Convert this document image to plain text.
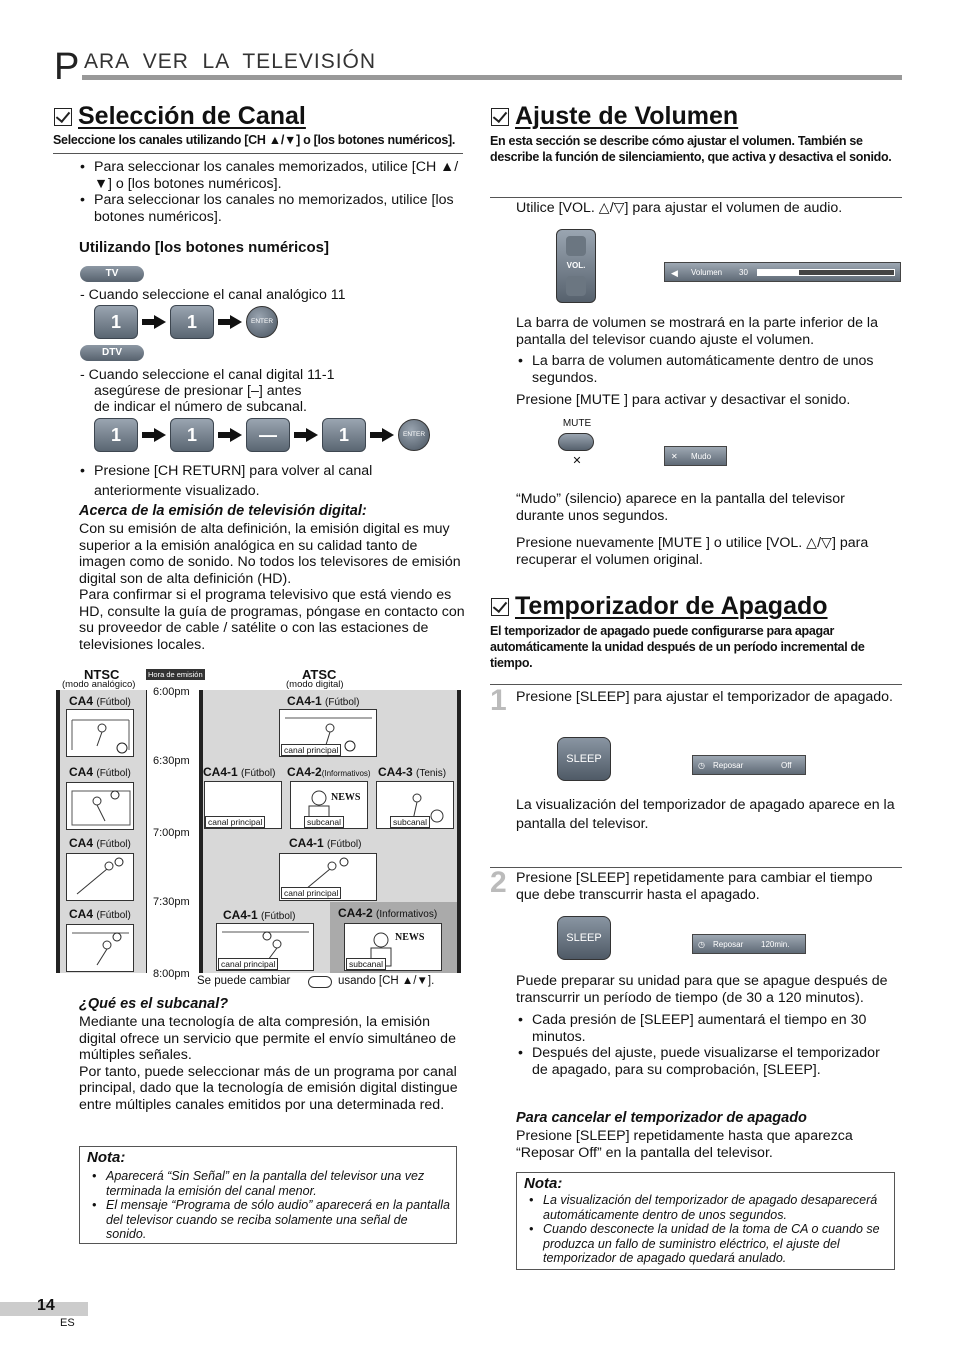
P ARA  VER  LA  TELEVISIÓN
Selección de Canal
Seleccione los canales utilizando [CH ▲/▼] o [los botones numéricos].
• Para seleccionar los canales memorizados, utilice [CH ▲/▼] o [los botones numéricos].
• Para seleccionar los canales no memorizados, utilice [los botones numéricos].
Utilizando [los botones numéricos]
TV
- Cuando seleccione el canal analógico 11
1	1	ENTER
DTV
- Cuando seleccione el canal digital 11-1
asegúrese de presionar [–] antes
de indicar el número de subcanal.
1	1	—	1	ENTER
• Presione [CH RETURN] para volver al canal
anteriormente visualizado.
Acerca de la emisión de televisión digital:
Con su emisión de alta definición, la emisión digital es muy superior a la emisión analógica en su calidad tanto de imagen como de sonido. No todos los televisores de emisión digital son de alta definición (HD).
Para confirmar si el programa televisivo que está viendo es HD, consulte la guía de programas, póngase en contacto con su proveedor de cable / satélite o con las estaciones de televisiones locales.
NTSC
(modo analógico)
Hora de emisión	ATSC
(modo digital)
6:00pm
6:30pm
7:00pm
7:30pm
8:00pm
CA4 (Fútbol)
CA4 (Fútbol)
CA4 (Fútbol)
CA4 (Fútbol)
CA4-1 (Fútbol)
canal principal
CA4-1 (Fútbol) CA4-2(Informativos) CA4-3 (Tenis)
canal principal
NEWS
subcanal	subcanal
CA4-1 (Fútbol)
canal principal
CA4-1 (Fútbol)	CA4-2 (Informativos)
canal principal
NEWS
subcanal
Se puede cambiar	usando [CH ▲/▼].
¿Qué es el subcanal?
Mediante una tecnología de alta compresión, la emisión digital ofrece un servicio que permite el envío simultáneo de múltiples señales.
Por tanto, puede seleccionar más de un programa por canal principal, dado que la tecnología de emisión digital distingue entre múltiples canales emitidos por una determinada red.
Nota:
• Aparecerá “Sin Señal” en la pantalla del televisor una vez terminada la emisión del canal menor.
• El mensaje “Programa de sólo audio” aparecerá en la pantalla del televisor cuando se reciba solamente una señal de sonido.
Ajuste de Volumen
En esta sección se describe cómo ajustar el volumen. También se describe la función de silenciamiento, que activa y desactiva el sonido.
Utilice [VOL. △/▽] para ajustar el volumen de audio.
VOL.
◀ Volumen 30
La barra de volumen se mostrará en la parte inferior de la pantalla del televisor cuando ajuste el volumen.
• La barra de volumen automáticamente dentro de unos segundos.
Presione [MUTE ] para activar y desactivar el sonido.
MUTE
✕	✕ Mudo
“Mudo” (silencio) aparece en la pantalla del televisor durante unos segundos.
Presione nuevamente [MUTE ] o utilice [VOL. △/▽] para recuperar el volumen original.
Temporizador de Apagado
El temporizador de apagado puede configurarse para apagar automáticamente la unidad después de un período incremental de tiempo.
1 Presione [SLEEP] para ajustar el temporizador de apagado.
SLEEP
◷ Reposar	Off
La visualización del temporizador de apagado aparece en la pantalla del televisor.
2 Presione [SLEEP] repetidamente para cambiar el tiempo que debe transcurrir hasta el apagado.
SLEEP
◷ Reposar 120min.
Puede preparar su unidad para que se apague después de transcurrir un período de tiempo (de 30 a 120 minutos).
• Cada presión de [SLEEP] aumentará el tiempo en 30 minutos.
• Después del ajuste, puede visualizarse el temporizador de apagado, para su comprobación, [SLEEP].
Para cancelar el temporizador de apagado
Presione [SLEEP] repetidamente hasta que aparezca “Reposar Off” en la pantalla del televisor.
Nota:
• La visualización del temporizador de apagado desaparecerá automáticamente dentro de unos segundos.
• Cuando desconecte la unidad de la toma de CA o cuando se produzca un fallo de suministro eléctrico, el ajuste del temporizador de apagado quedará anulado.
14
ES
